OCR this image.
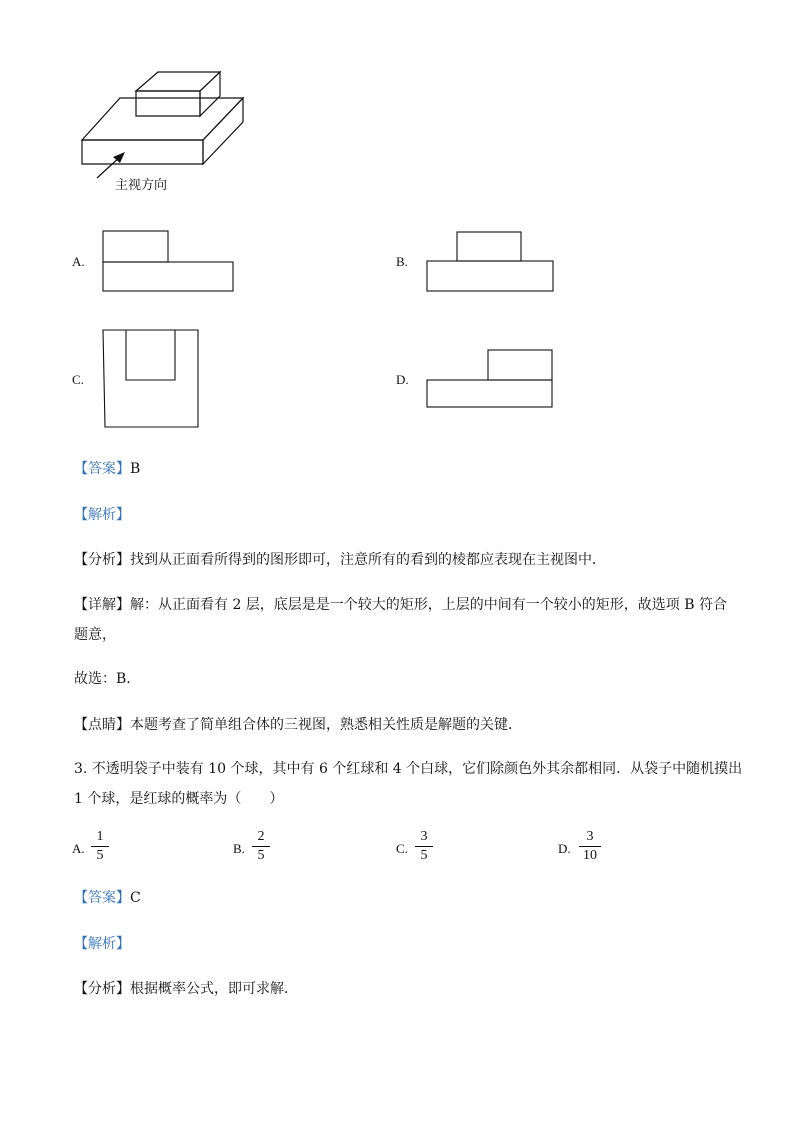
主视方向
A.	B.
C.	D.
【答案】B
【解析】
【分析】找到从正面看所得到的图形即可，注意所有的看到的棱都应表现在主视图中．
【详解】解：从正面看有 2 层，底层是是一个较大的矩形，上层的中间有一个较小的矩形，故选项 B 符合
题意，
故选：B．
【点睛】本题考查了简单组合体的三视图，熟悉相关性质是解题的关键．
3. 不透明袋子中装有 10 个球，其中有 6 个红球和 4 个白球，它们除颜色外其余都相同．从袋子中随机摸出
1 个球，是红球的概率为（　　）
A.
1
5	B.
2
5	C.
3
5	D.
3
10
【答案】C
【解析】
【分析】根据概率公式，即可求解．
